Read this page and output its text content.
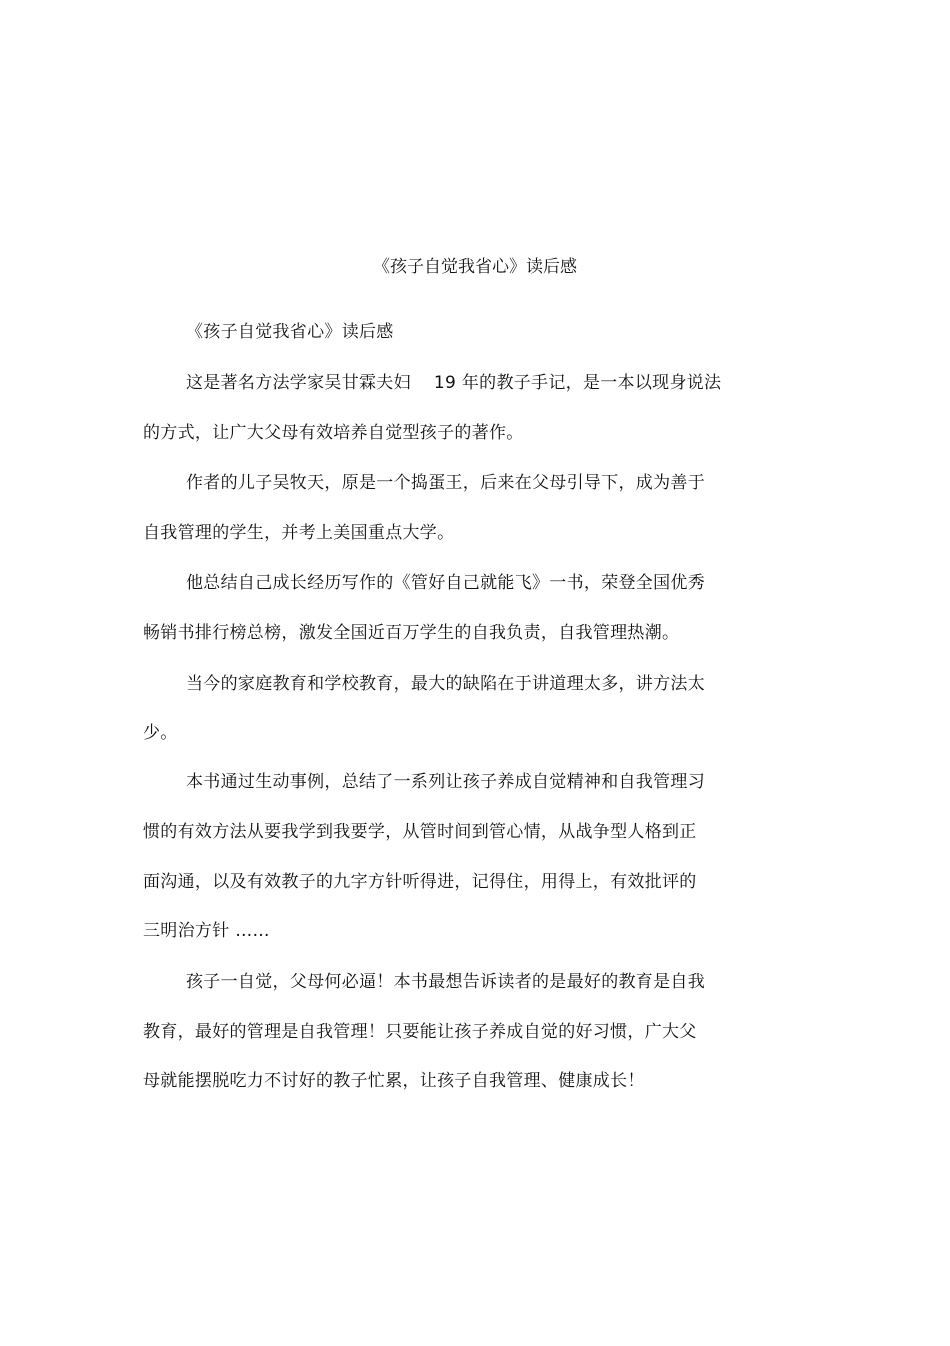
《孩子自觉我省心》读后感
《孩子自觉我省心》读后感
这是著名方法学家吴甘霖夫妇　 19 年的教子手记，是一本以现身说法
的方式，让广大父母有效培养自觉型孩子的著作。
作者的儿子吴牧天，原是一个捣蛋王，后来在父母引导下，成为善于
自我管理的学生，并考上美国重点大学。
他总结自己成长经历写作的《管好自己就能飞》一书，荣登全国优秀
畅销书排行榜总榜，激发全国近百万学生的自我负责，自我管理热潮。
当今的家庭教育和学校教育，最大的缺陷在于讲道理太多，讲方法太
少。
本书通过生动事例，总结了一系列让孩子养成自觉精神和自我管理习
惯的有效方法从要我学到我要学，从管时间到管心情，从战争型人格到正
面沟通，以及有效教子的九字方针听得进，记得住，用得上，有效批评的
三明治方针 ……
孩子一自觉，父母何必逼！本书最想告诉读者的是最好的教育是自我
教育，最好的管理是自我管理！只要能让孩子养成自觉的好习惯，广大父
母就能摆脱吃力不讨好的教子忙累，让孩子自我管理、健康成长！
